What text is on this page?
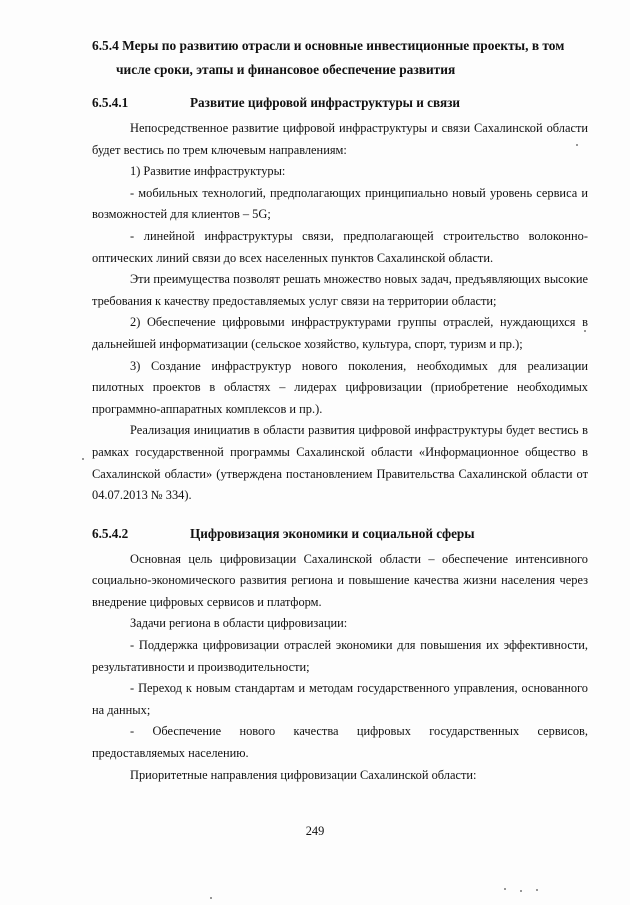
6.5.4 Меры по развитию отрасли и основные инвестиционные проекты, в том
числе сроки, этапы и финансовое обеспечение развития
6.5.4.1	Развитие цифровой инфраструктуры и связи

Непосредственное развитие цифровой инфраструктуры и связи Сахалинской области будет вестись по трем ключевым направлениям:

1) Развитие инфраструктуры:

- мобильных технологий, предполагающих принципиально новый уровень сервиса и возможностей для клиентов – 5G;

- линейной инфраструктуры связи, предполагающей строительство волоконно-оптических линий связи до всех населенных пунктов Сахалинской области.

Эти преимущества позволят решать множество новых задач, предъявляющих высокие требования к качеству предоставляемых услуг связи на территории области;

2) Обеспечение цифровыми инфраструктурами группы отраслей, нуждающихся в дальнейшей информатизации (сельское хозяйство, культура, спорт, туризм и пр.);

3) Создание инфраструктур нового поколения, необходимых для реализации пилотных проектов в областях – лидерах цифровизации (приобретение необходимых программно-аппаратных комплексов и пр.).

Реализация инициатив в области развития цифровой инфраструктуры будет вестись в рамках государственной программы Сахалинской области «Информационное общество в Сахалинской области» (утверждена постановлением Правительства Сахалинской области от 04.07.2013 № 334).

6.5.4.2	Цифровизация экономики и социальной сферы

Основная цель цифровизации Сахалинской области – обеспечение интенсивного социально-экономического развития региона и повышение качества жизни населения через внедрение цифровых сервисов и платформ.

Задачи региона в области цифровизации:

- Поддержка цифровизации отраслей экономики для повышения их эффективности, результативности и производительности;

- Переход к новым стандартам и методам государственного управления, основанного на данных;

- Обеспечение нового качества цифровых государственных сервисов, предоставляемых населению.

Приоритетные направления цифровизации Сахалинской области:

249
